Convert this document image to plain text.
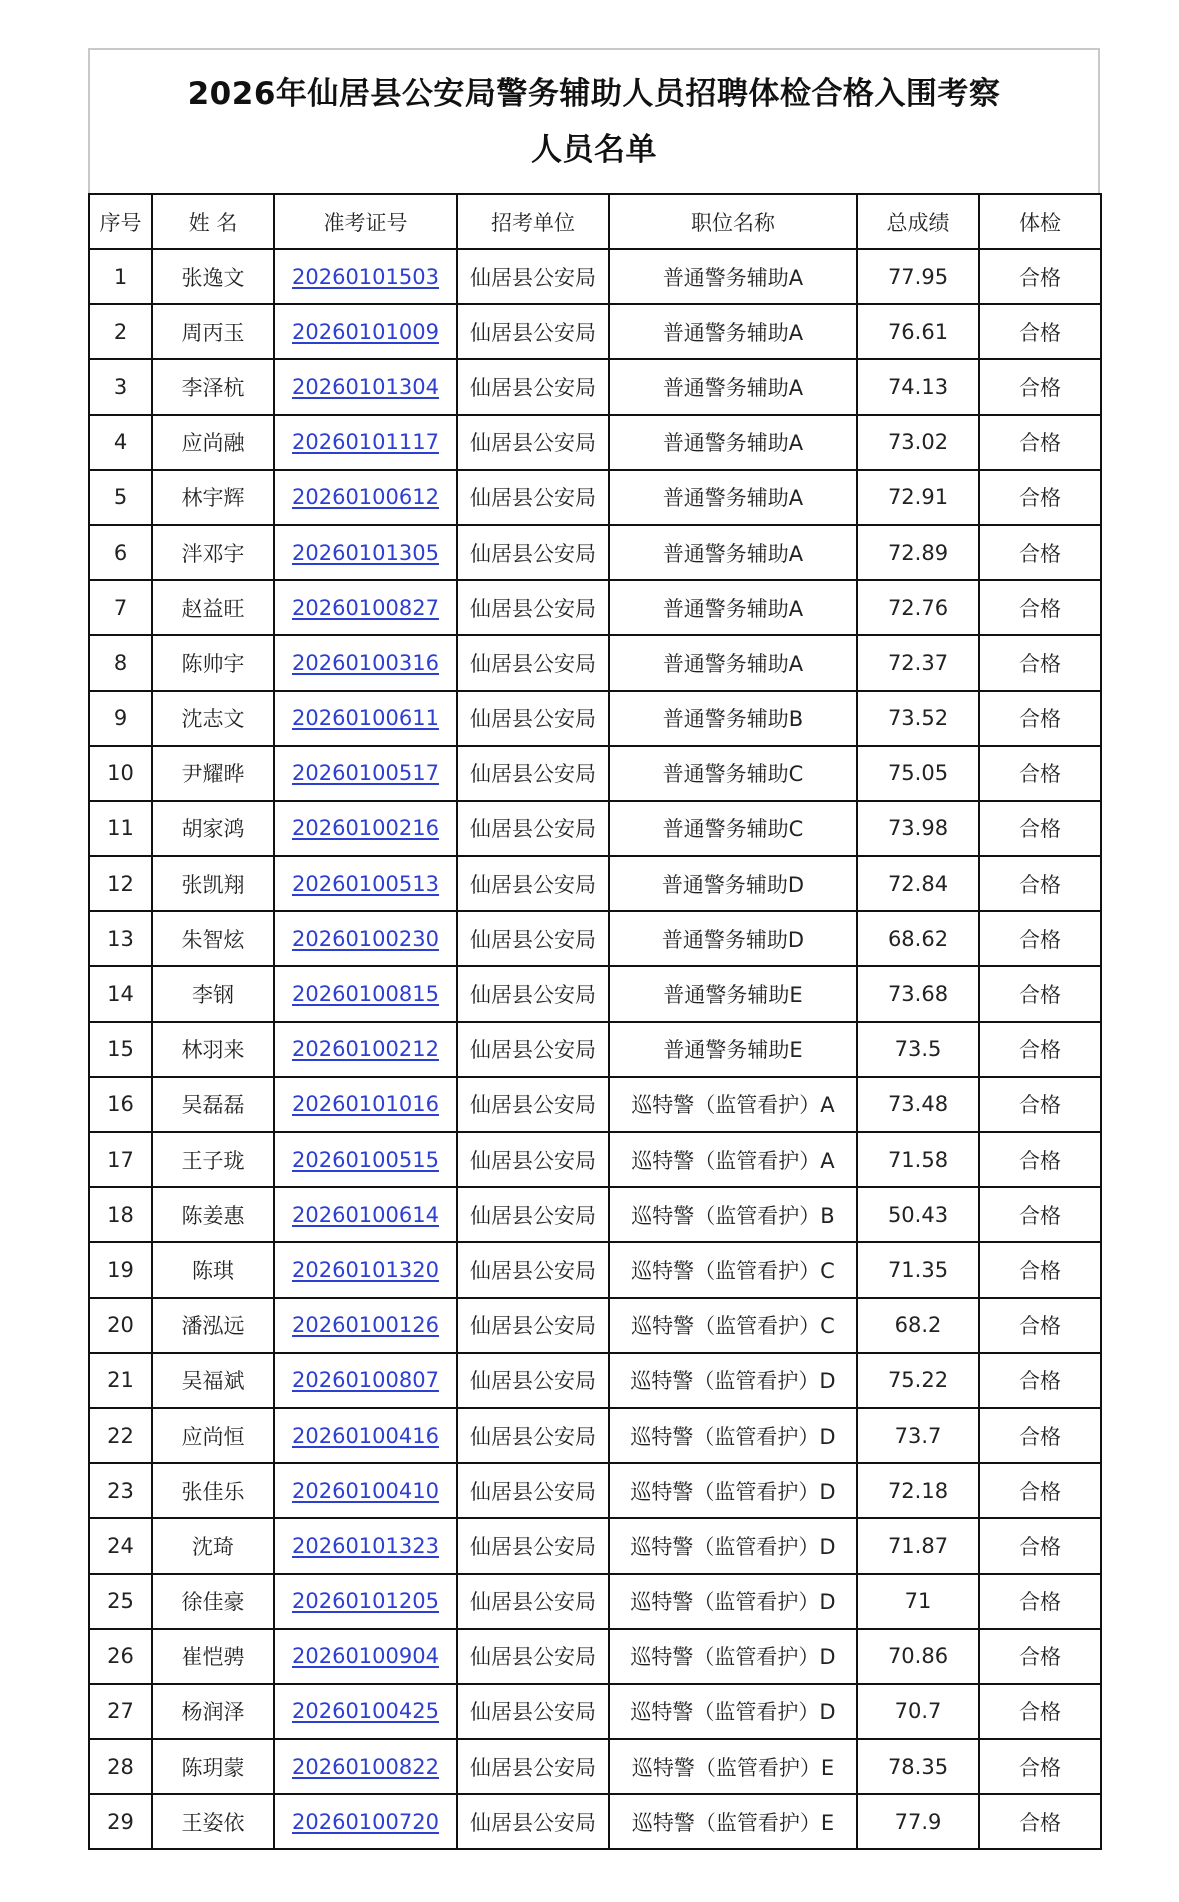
2026年仙居县公安局警务辅助人员招聘体检合格入围考察
人员名单
序号	姓 名	准考证号	招考单位	职位名称	总成绩	体检
1	张逸文	20260101503	仙居县公安局	普通警务辅助A	77.95	合格
2	周丙玉	20260101009	仙居县公安局	普通警务辅助A	76.61	合格
3	李泽杭	20260101304	仙居县公安局	普通警务辅助A	74.13	合格
4	应尚融	20260101117	仙居县公安局	普通警务辅助A	73.02	合格
5	林宇辉	20260100612	仙居县公安局	普通警务辅助A	72.91	合格
6	泮邓宇	20260101305	仙居县公安局	普通警务辅助A	72.89	合格
7	赵益旺	20260100827	仙居县公安局	普通警务辅助A	72.76	合格
8	陈帅宇	20260100316	仙居县公安局	普通警务辅助A	72.37	合格
9	沈志文	20260100611	仙居县公安局	普通警务辅助B	73.52	合格
10	尹耀晔	20260100517	仙居县公安局	普通警务辅助C	75.05	合格
11	胡家鸿	20260100216	仙居县公安局	普通警务辅助C	73.98	合格
12	张凯翔	20260100513	仙居县公安局	普通警务辅助D	72.84	合格
13	朱智炫	20260100230	仙居县公安局	普通警务辅助D	68.62	合格
14	李钢	20260100815	仙居县公安局	普通警务辅助E	73.68	合格
15	林羽来	20260100212	仙居县公安局	普通警务辅助E	73.5	合格
16	吴磊磊	20260101016	仙居县公安局	巡特警（监管看护）A	73.48	合格
17	王子珑	20260100515	仙居县公安局	巡特警（监管看护）A	71.58	合格
18	陈姜惠	20260100614	仙居县公安局	巡特警（监管看护）B	50.43	合格
19	陈琪	20260101320	仙居县公安局	巡特警（监管看护）C	71.35	合格
20	潘泓远	20260100126	仙居县公安局	巡特警（监管看护）C	68.2	合格
21	吴福斌	20260100807	仙居县公安局	巡特警（监管看护）D	75.22	合格
22	应尚恒	20260100416	仙居县公安局	巡特警（监管看护）D	73.7	合格
23	张佳乐	20260100410	仙居县公安局	巡特警（监管看护）D	72.18	合格
24	沈琦	20260101323	仙居县公安局	巡特警（监管看护）D	71.87	合格
25	徐佳豪	20260101205	仙居县公安局	巡特警（监管看护）D	71	合格
26	崔恺骋	20260100904	仙居县公安局	巡特警（监管看护）D	70.86	合格
27	杨润泽	20260100425	仙居县公安局	巡特警（监管看护）D	70.7	合格
28	陈玥蒙	20260100822	仙居县公安局	巡特警（监管看护）E	78.35	合格
29	王姿依	20260100720	仙居县公安局	巡特警（监管看护）E	77.9	合格
